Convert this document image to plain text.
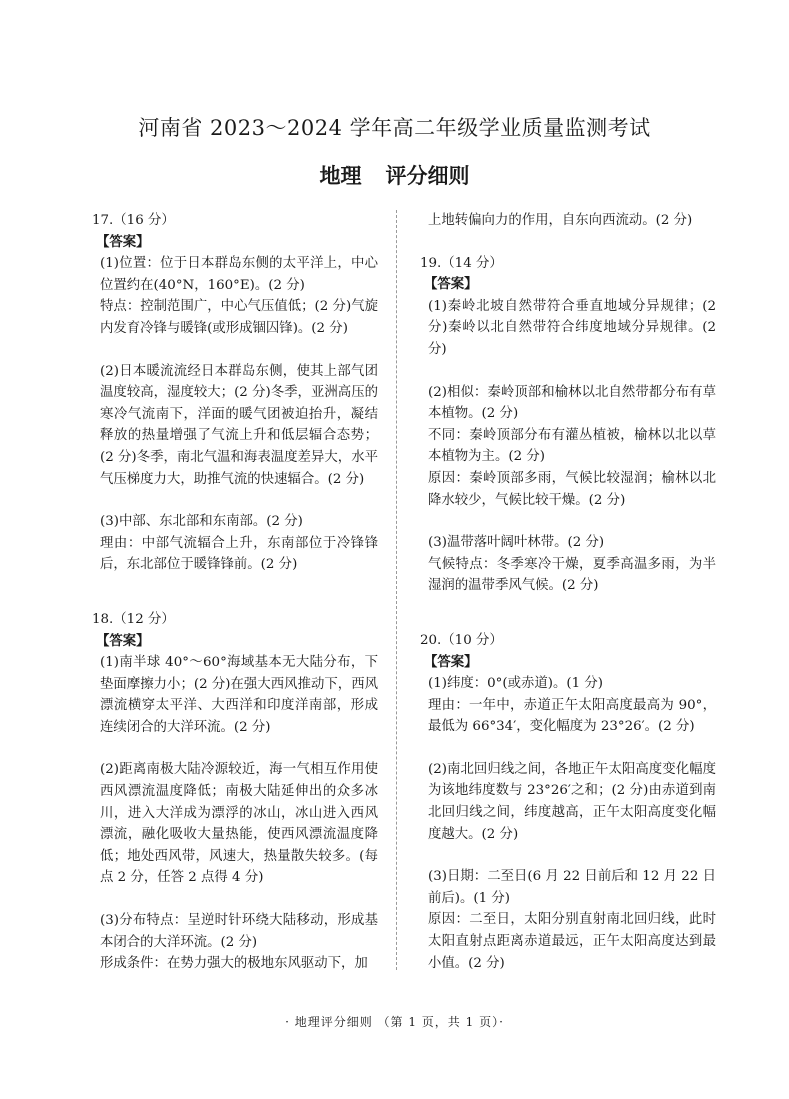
河南省 2023～2024 学年高二年级学业质量监测考试
地理 评分细则

17.（16 分）

【答案】

(1)位置：位于日本群岛东侧的太平洋上，中心位置约在(40°N，160°E)。(2 分)

特点：控制范围广，中心气压值低；(2 分)气旋内发育冷锋与暖锋(或形成锢囚锋)。(2 分)

(2)日本暖流流经日本群岛东侧，使其上部气团温度较高，湿度较大；(2 分)冬季，亚洲高压的寒冷气流南下，洋面的暖气团被迫抬升，凝结释放的热量增强了气流上升和低层辐合态势；(2 分)冬季，南北气温和海表温度差异大，水平气压梯度力大，助推气流的快速辐合。(2 分)

(3)中部、东北部和东南部。(2 分)

理由：中部气流辐合上升，东南部位于冷锋锋后，东北部位于暖锋锋前。(2 分)

18.（12 分）

【答案】

(1)南半球 40°～60°海域基本无大陆分布，下垫面摩擦力小；(2 分)在强大西风推动下，西风漂流横穿太平洋、大西洋和印度洋南部，形成连续闭合的大洋环流。(2 分)

(2)距离南极大陆冷源较近，海一气相互作用使西风漂流温度降低；南极大陆延伸出的众多冰川，进入大洋成为漂浮的冰山，冰山进入西风漂流，融化吸收大量热能，使西风漂流温度降低；地处西风带，风速大，热量散失较多。(每点 2 分，任答 2 点得 4 分)

(3)分布特点：呈逆时针环绕大陆移动，形成基本闭合的大洋环流。(2 分)

形成条件：在势力强大的极地东风驱动下，加

上地转偏向力的作用，自东向西流动。(2 分)

19.（14 分）

【答案】

(1)秦岭北坡自然带符合垂直地域分异规律；(2 分)秦岭以北自然带符合纬度地域分异规律。(2 分)

(2)相似：秦岭顶部和榆林以北自然带都分布有草本植物。(2 分)

不同：秦岭顶部分布有灌丛植被，榆林以北以草本植物为主。(2 分)

原因：秦岭顶部多雨，气候比较湿润；榆林以北降水较少，气候比较干燥。(2 分)

(3)温带落叶阔叶林带。(2 分)

气候特点：冬季寒冷干燥，夏季高温多雨，为半湿润的温带季风气候。(2 分)

20.（10 分）

【答案】

(1)纬度：0°(或赤道)。(1 分)

理由：一年中，赤道正午太阳高度最高为 90°，最低为 66°34′，变化幅度为 23°26′。(2 分)

(2)南北回归线之间，各地正午太阳高度变化幅度为该地纬度数与 23°26′之和；(2 分)由赤道到南北回归线之间，纬度越高，正午太阳高度变化幅度越大。(2 分)

(3)日期：二至日(6 月 22 日前后和 12 月 22 日前后)。(1 分)

原因：二至日，太阳分别直射南北回归线，此时太阳直射点距离赤道最远，正午太阳高度达到最小值。(2 分)

· 地理评分细则 （第 1 页，共 1 页）·
